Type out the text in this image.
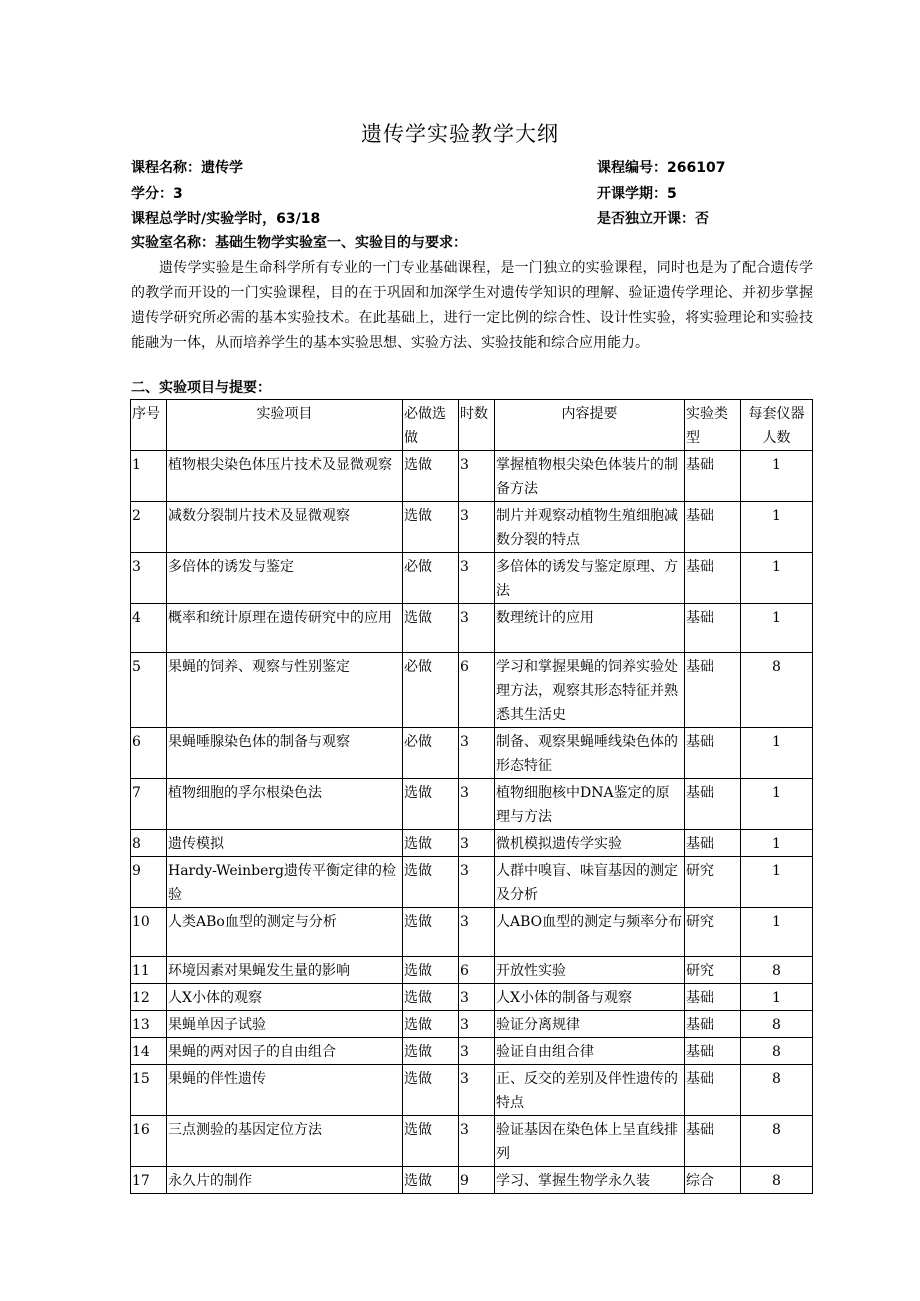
遗传学实验教学大纲
课程名称：遗传学	课程编号：266107
学分：3	开课学期：5
课程总学时/实验学时，63/18	是否独立开课：否
实验室名称：基础生物学实验室一、实验目的与要求：
遗传学实验是生命科学所有专业的一门专业基础课程，是一门独立的实验课程，同时也是为了配合遗传学的教学而开设的一门实验课程，目的在于巩固和加深学生对遗传学知识的理解、验证遗传学理论、并初步掌握遗传学研究所必需的基本实验技术。在此基础上，进行一定比例的综合性、设计性实验，将实验理论和实验技能融为一体，从而培养学生的基本实验思想、实验方法、实验技能和综合应用能力。
二、实验项目与提要：
序号	实验项目	必做选做	时数	内容提要	实验类型	每套仪器人数
1	植物根尖染色体压片技术及显微观察	选做	3	掌握植物根尖染色体装片的制备方法	基础	1
2	减数分裂制片技术及显微观察	选做	3	制片并观察动植物生殖细胞减数分裂的特点	基础	1
3	多倍体的诱发与鉴定	必做	3	多倍体的诱发与鉴定原理、方法	基础	1
4	概率和统计原理在遗传研究中的应用	选做	3	数理统计的应用	基础	1
5	果蝇的饲养、观察与性别鉴定	必做	6	学习和掌握果蝇的饲养实验处理方法，观察其形态特征并熟悉其生活史	基础	8
6	果蝇唾腺染色体的制备与观察	必做	3	制备、观察果蝇唾线染色体的形态特征	基础	1
7	植物细胞的孚尔根染色法	选做	3	植物细胞核中DNA鉴定的原理与方法	基础	1
8	遗传模拟	选做	3	微机模拟遗传学实验	基础	1
9	Hardy-Weinberg遗传平衡定律的检验	选做	3	人群中嗅盲、味盲基因的测定及分析	研究	1
10	人类ABo血型的测定与分析	选做	3	人ABO血型的测定与频率分布	研究	1
11	环境因素对果蝇发生量的影响	选做	6	开放性实验	研究	8
12	人X小体的观察	选做	3	人X小体的制备与观察	基础	1
13	果蝇单因子试验	选做	3	验证分离规律	基础	8
14	果蝇的两对因子的自由组合	选做	3	验证自由组合律	基础	8
15	果蝇的伴性遗传	选做	3	正、反交的差别及伴性遗传的特点	基础	8
16	三点测验的基因定位方法	选做	3	验证基因在染色体上呈直线排列	基础	8
17	永久片的制作	选做	9	学习、掌握生物学永久装	综合	8
